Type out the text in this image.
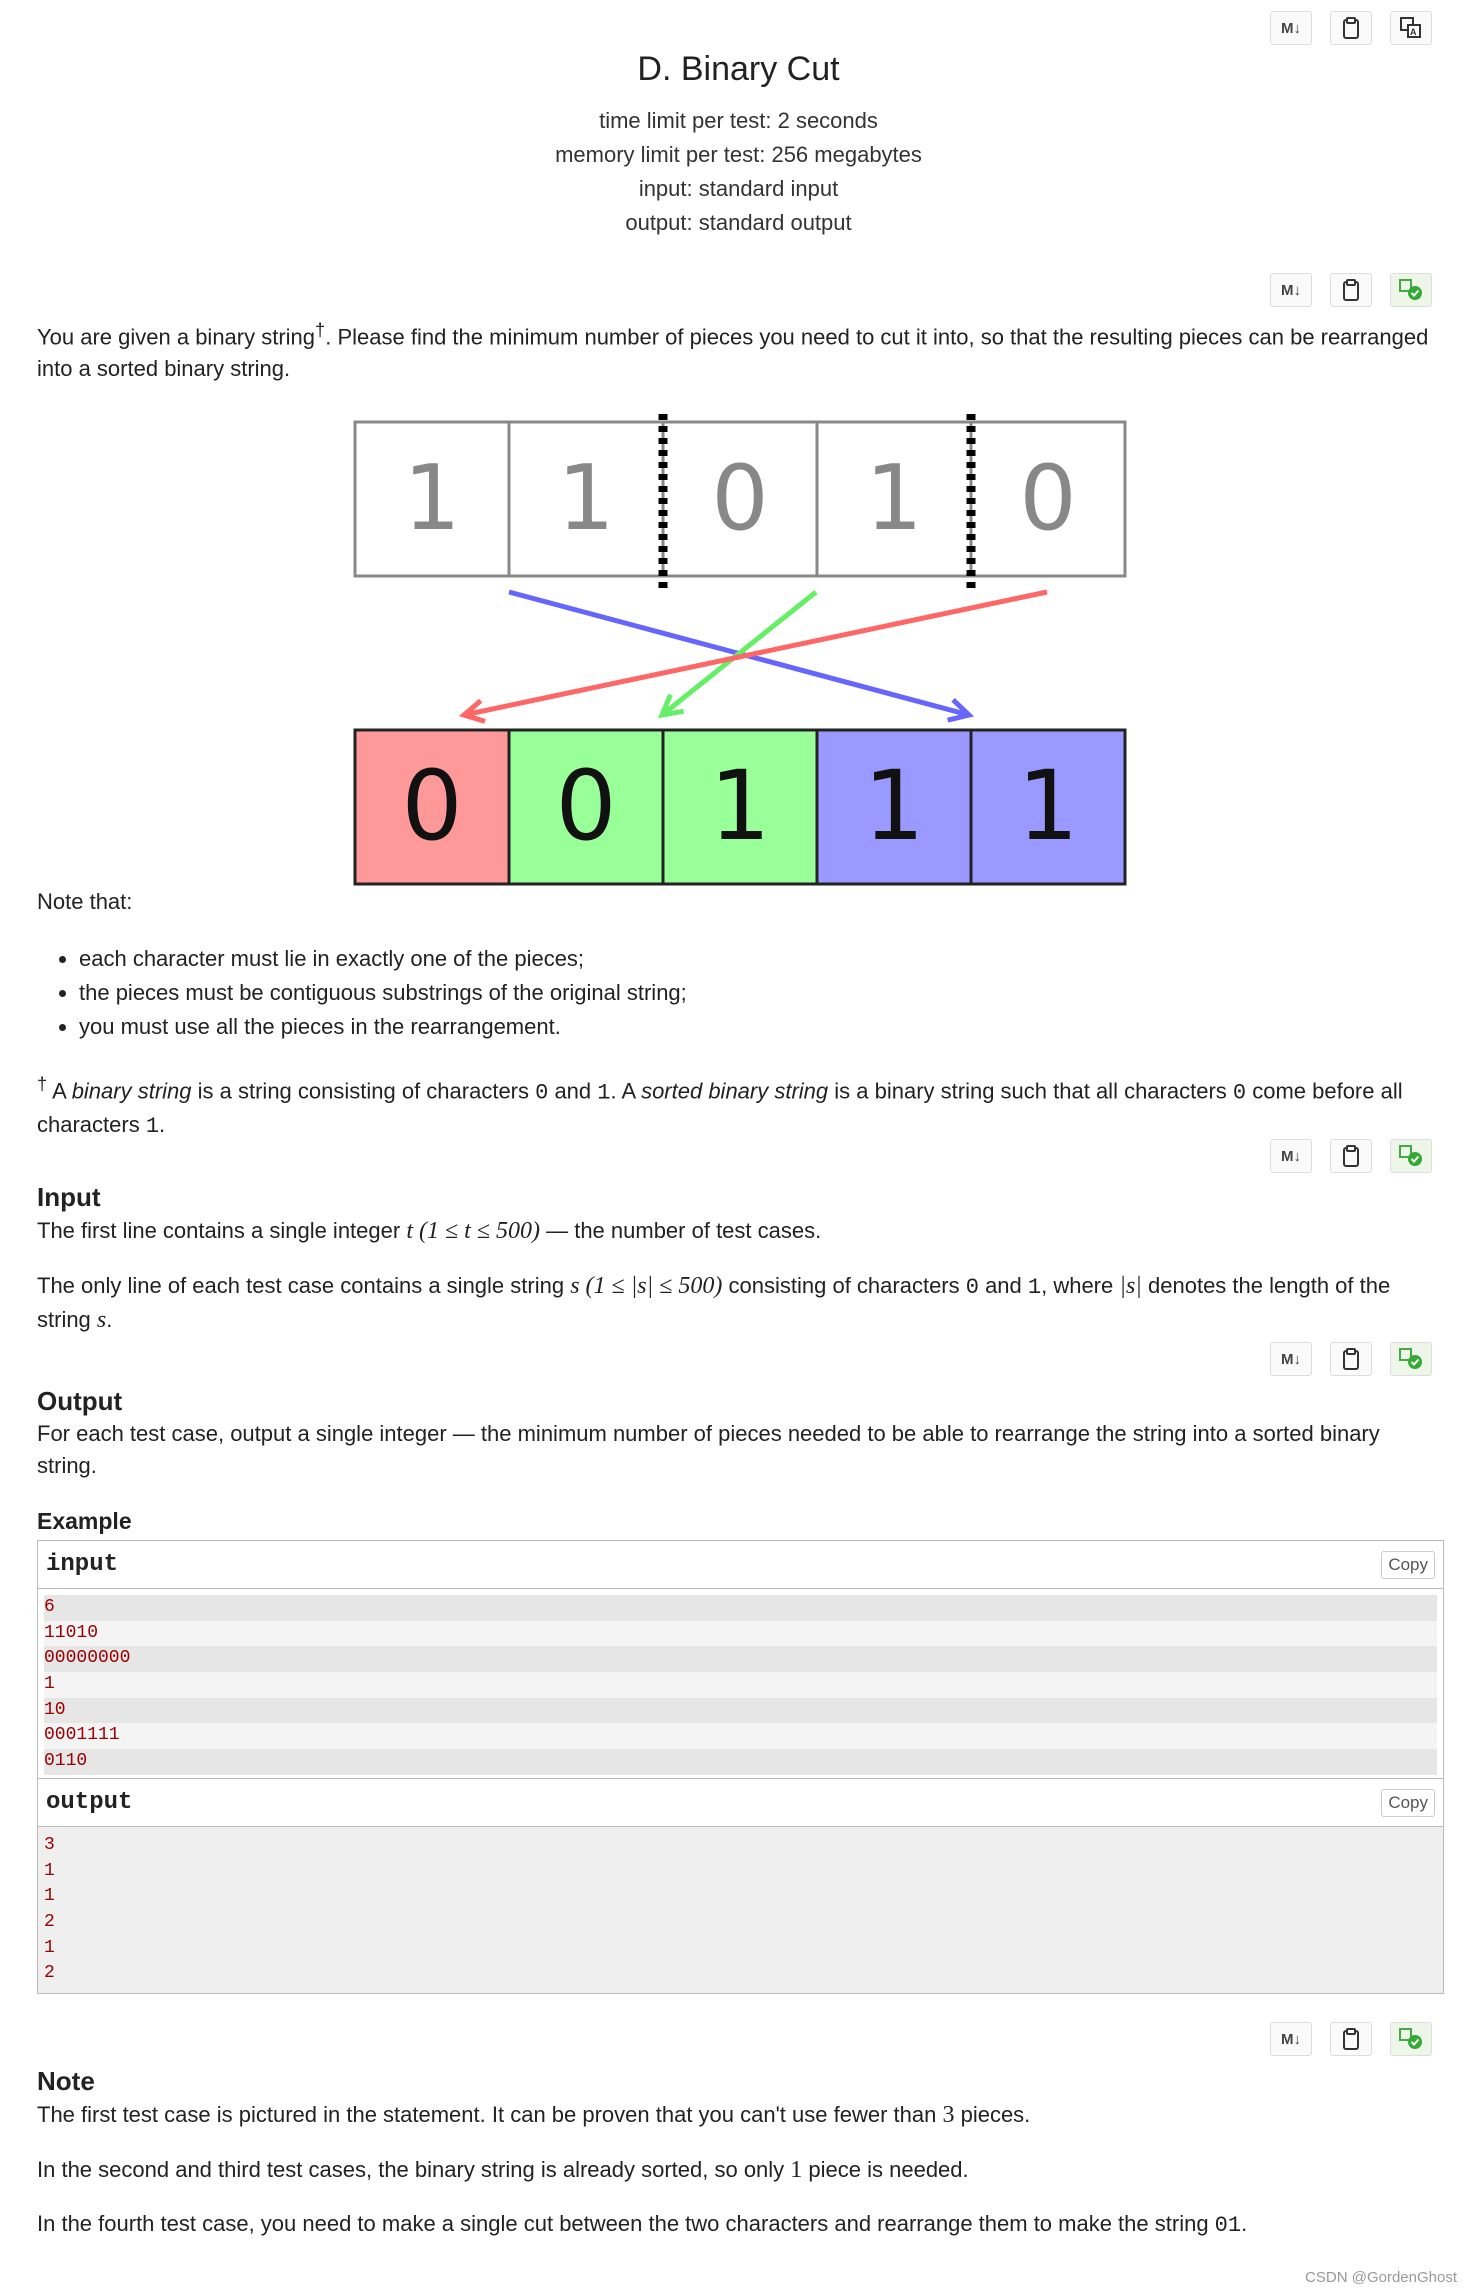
M↓	A
D. Binary Cut
time limit per test: 2 seconds
memory limit per test: 256 megabytes
input: standard input
output: standard output
M↓

You are given a binary string†. Please find the minimum number of pieces you need to cut it into, so that the resulting pieces can be rearranged into a sorted binary string.

1 1 0 1 0
0 0 1 1 1

Note that:

• each character must lie in exactly one of the pieces;
• the pieces must be contiguous substrings of the original string;
• you must use all the pieces in the rearrangement.

† A binary string is a string consisting of characters 0 and 1. A sorted binary string is a binary string such that all characters 0 come before all characters 1.

M↓
Input

The first line contains a single integer t (1 ≤ t ≤ 500) — the number of test cases.

The only line of each test case contains a single string s (1 ≤ |s| ≤ 500) consisting of characters 0 and 1, where |s| denotes the length of the string s.

M↓
Output

For each test case, output a single integer — the minimum number of pieces needed to be able to rearrange the string into a sorted binary string.

Example
input	Copy
6
11010
00000000
1
10
0001111
0110
output	Copy
3
1
1
2
1
2
M↓
Note

The first test case is pictured in the statement. It can be proven that you can't use fewer than 3 pieces.

In the second and third test cases, the binary string is already sorted, so only 1 piece is needed.

In the fourth test case, you need to make a single cut between the two characters and rearrange them to make the string 01.

CSDN @GordenGhost
